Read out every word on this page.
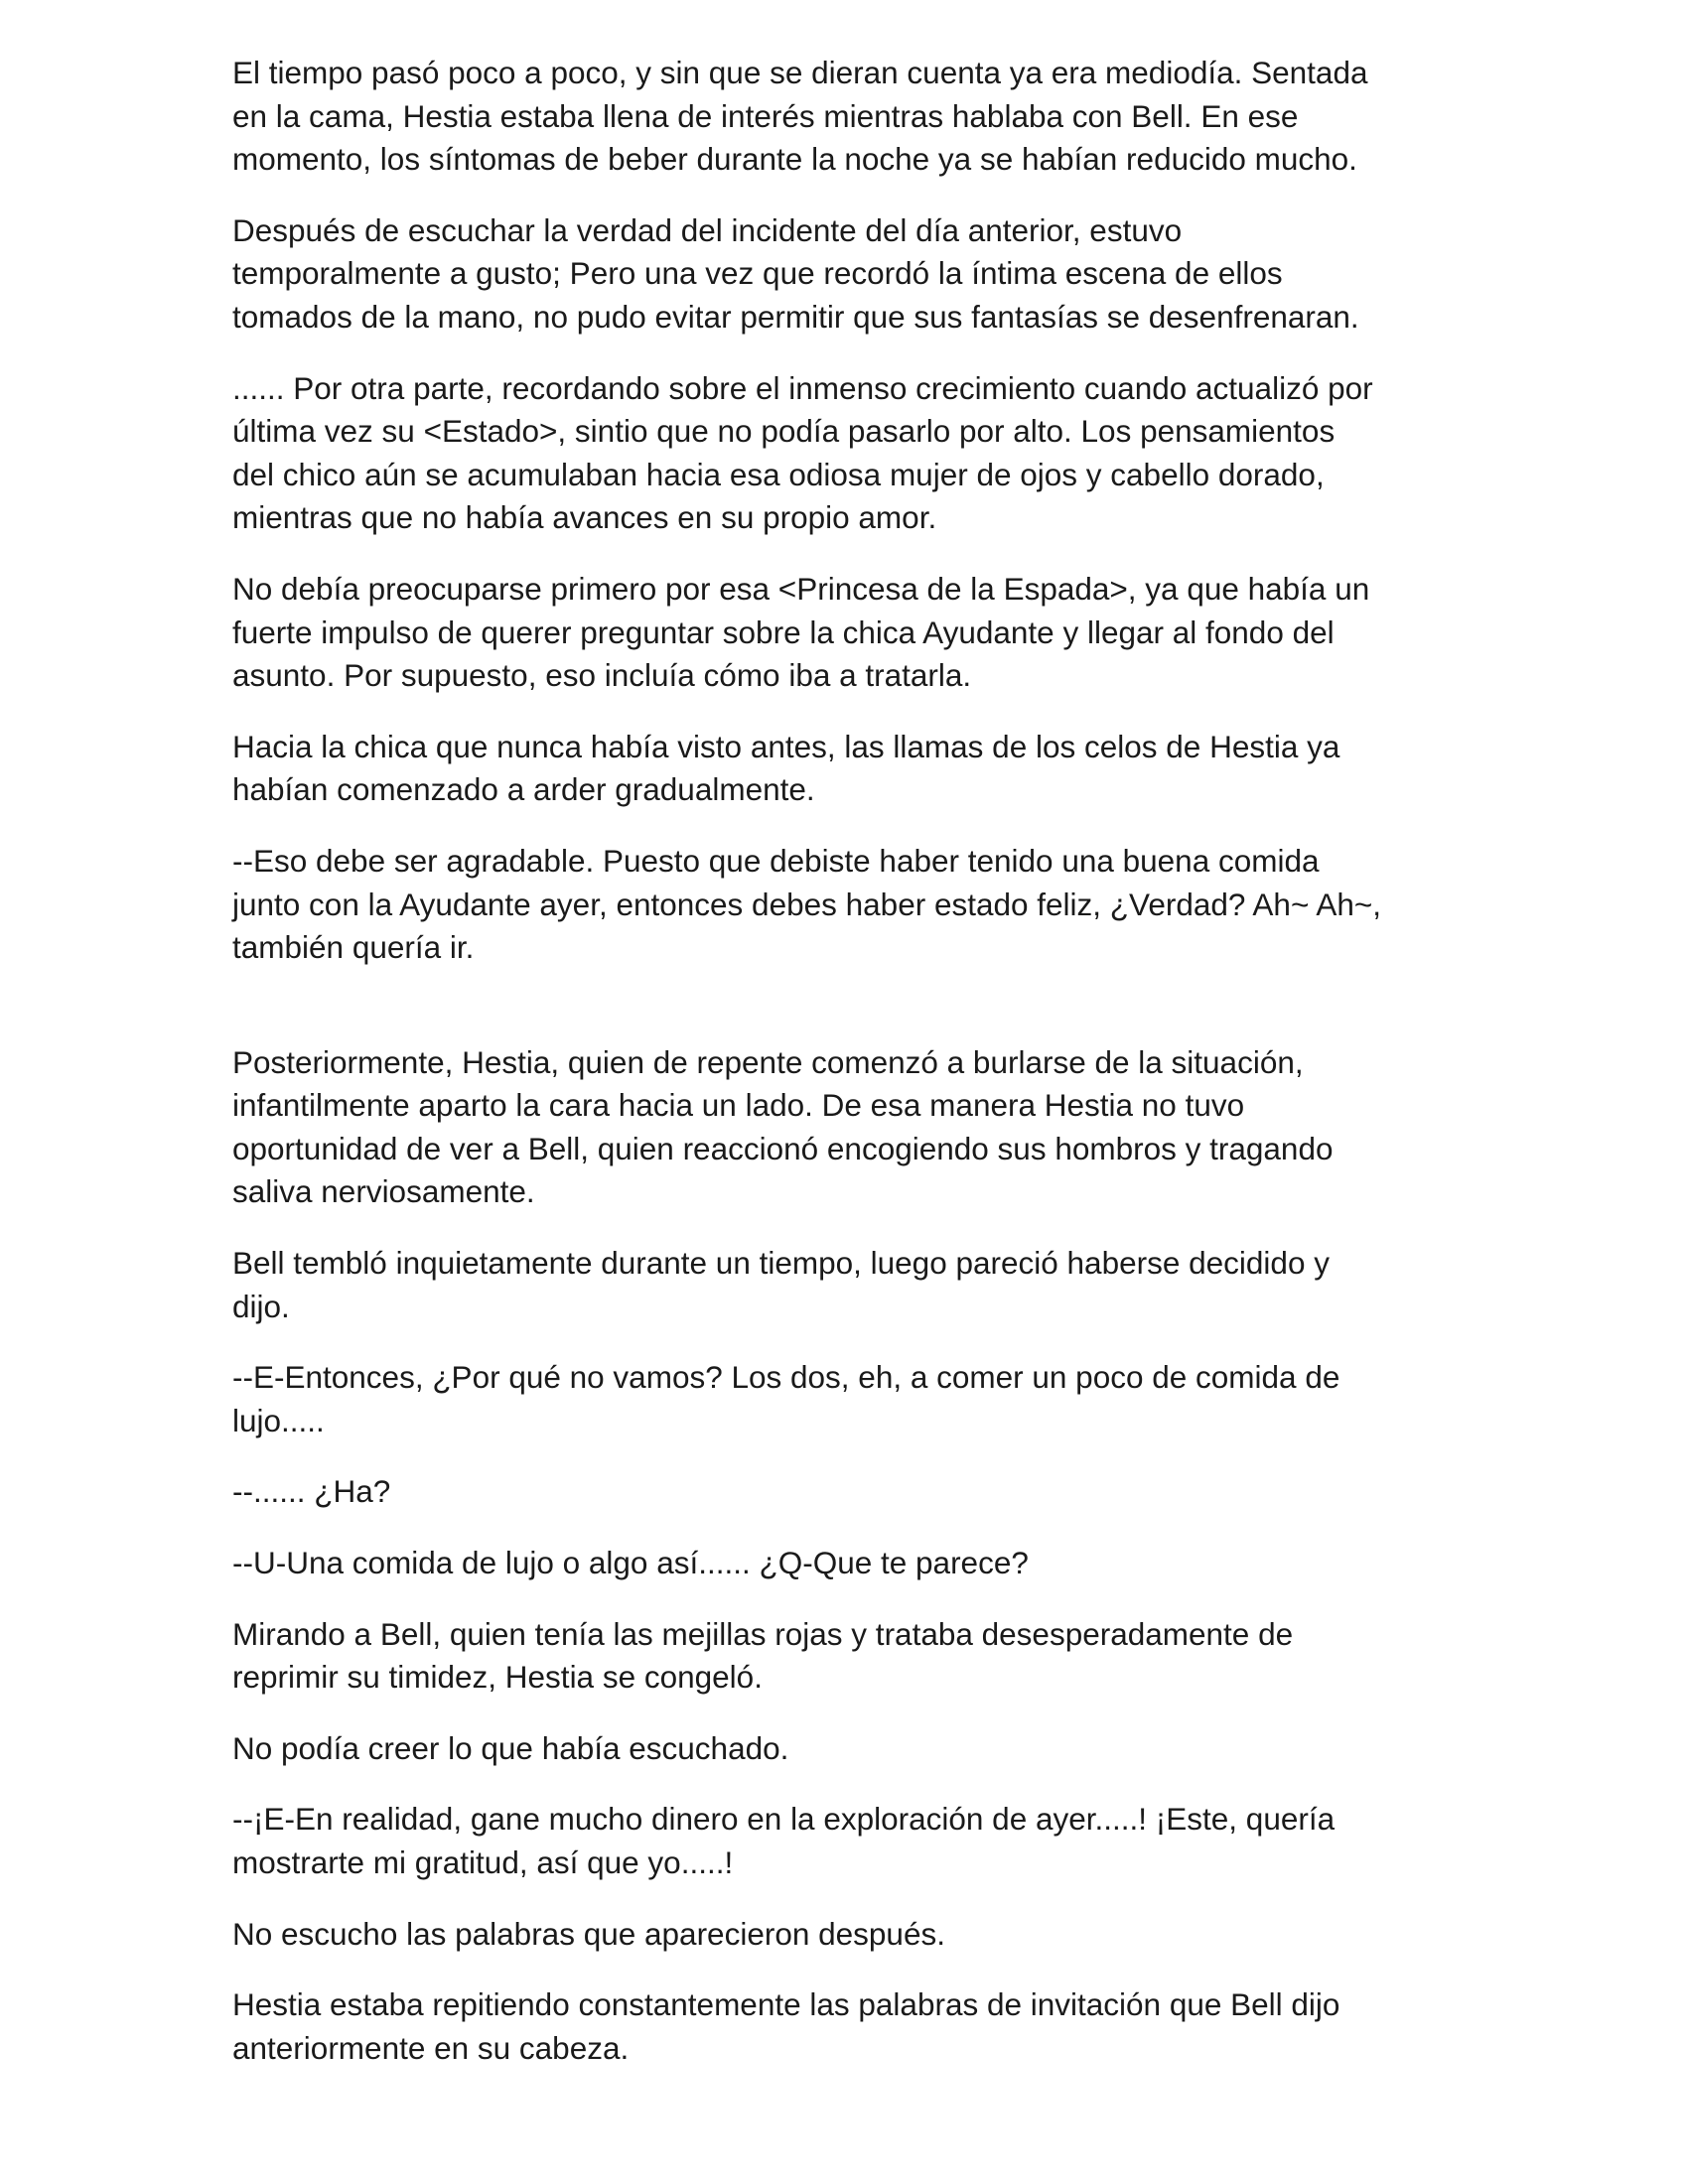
El tiempo pasó poco a poco, y sin que se dieran cuenta ya era mediodía. Sentada
en la cama, Hestia estaba llena de interés mientras hablaba con Bell. En ese
momento, los síntomas de beber durante la noche ya se habían reducido mucho.

Después de escuchar la verdad del incidente del día anterior, estuvo
temporalmente a gusto; Pero una vez que recordó la íntima escena de ellos
tomados de la mano, no pudo evitar permitir que sus fantasías se desenfrenaran.

...... Por otra parte, recordando sobre el inmenso crecimiento cuando actualizó por
última vez su <Estado>, sintio que no podía pasarlo por alto. Los pensamientos
del chico aún se acumulaban hacia esa odiosa mujer de ojos y cabello dorado,
mientras que no había avances en su propio amor.

No debía preocuparse primero por esa <Princesa de la Espada>, ya que había un
fuerte impulso de querer preguntar sobre la chica Ayudante y llegar al fondo del
asunto. Por supuesto, eso incluía cómo iba a tratarla.

Hacia la chica que nunca había visto antes, las llamas de los celos de Hestia ya
habían comenzado a arder gradualmente.

--Eso debe ser agradable. Puesto que debiste haber tenido una buena comida
junto con la Ayudante ayer, entonces debes haber estado feliz, ¿Verdad? Ah~ Ah~,
también quería ir.

Posteriormente, Hestia, quien de repente comenzó a burlarse de la situación,
infantilmente aparto la cara hacia un lado. De esa manera Hestia no tuvo
oportunidad de ver a Bell, quien reaccionó encogiendo sus hombros y tragando
saliva nerviosamente.

Bell tembló inquietamente durante un tiempo, luego pareció haberse decidido y
dijo.

--E-Entonces, ¿Por qué no vamos? Los dos, eh, a comer un poco de comida de
lujo.....

--...... ¿Ha?

--U-Una comida de lujo o algo así...... ¿Q-Que te parece?

Mirando a Bell, quien tenía las mejillas rojas y trataba desesperadamente de
reprimir su timidez, Hestia se congeló.

No podía creer lo que había escuchado.

--¡E-En realidad, gane mucho dinero en la exploración de ayer.....! ¡Este, quería
mostrarte mi gratitud, así que yo.....!

No escucho las palabras que aparecieron después.

Hestia estaba repitiendo constantemente las palabras de invitación que Bell dijo
anteriormente en su cabeza.
